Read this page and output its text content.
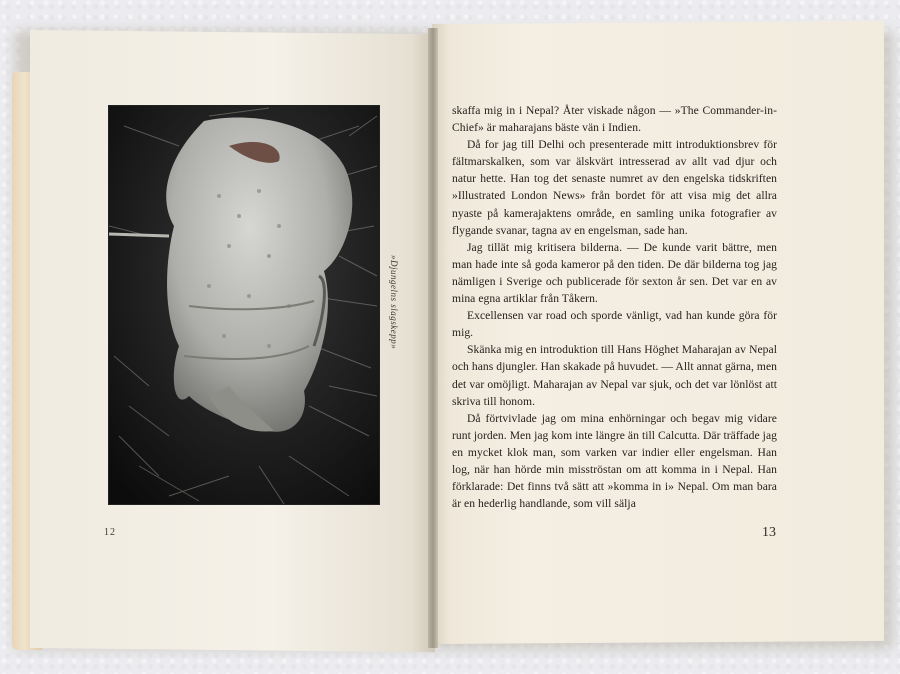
»Djungelns slagskepp»
12

skaffa mig in i Nepal? Åter viskade någon — »The Commander-in-Chief» är maharajans bäste vän i Indien.

Då for jag till Delhi och presenterade mitt introduktionsbrev för fältmarskalken, som var älskvärt intresserad av allt vad djur och natur hette. Han tog det senaste numret av den engelska tidskriften »Illustrated London News» från bordet för att visa mig det allra nyaste på kamerajaktens område, en samling unika fotografier av flygande svanar, tagna av en engelsman, sade han.

Jag tillät mig kritisera bilderna. — De kunde varit bättre, men man hade inte så goda kameror på den tiden. De där bilderna tog jag nämligen i Sverige och publicerade för sexton år sen. Det var en av mina egna artiklar från Tåkern.

Excellensen var road och sporde vänligt, vad han kunde göra för mig.

Skänka mig en introduktion till Hans Höghet Maharajan av Nepal och hans djungler. Han skakade på huvudet. — Allt annat gärna, men det var omöjligt. Maharajan av Nepal var sjuk, och det var lönlöst att skriva till honom.

Då förtvivlade jag om mina enhörningar och begav mig vidare runt jorden. Men jag kom inte längre än till Calcutta. Där träffade jag en mycket klok man, som varken var indier eller engelsman. Han log, när han hörde min misströstan om att komma in i Nepal. Han förklarade: Det finns två sätt att »komma in i» Nepal. Om man bara är en hederlig handlande, som vill sälja

13
